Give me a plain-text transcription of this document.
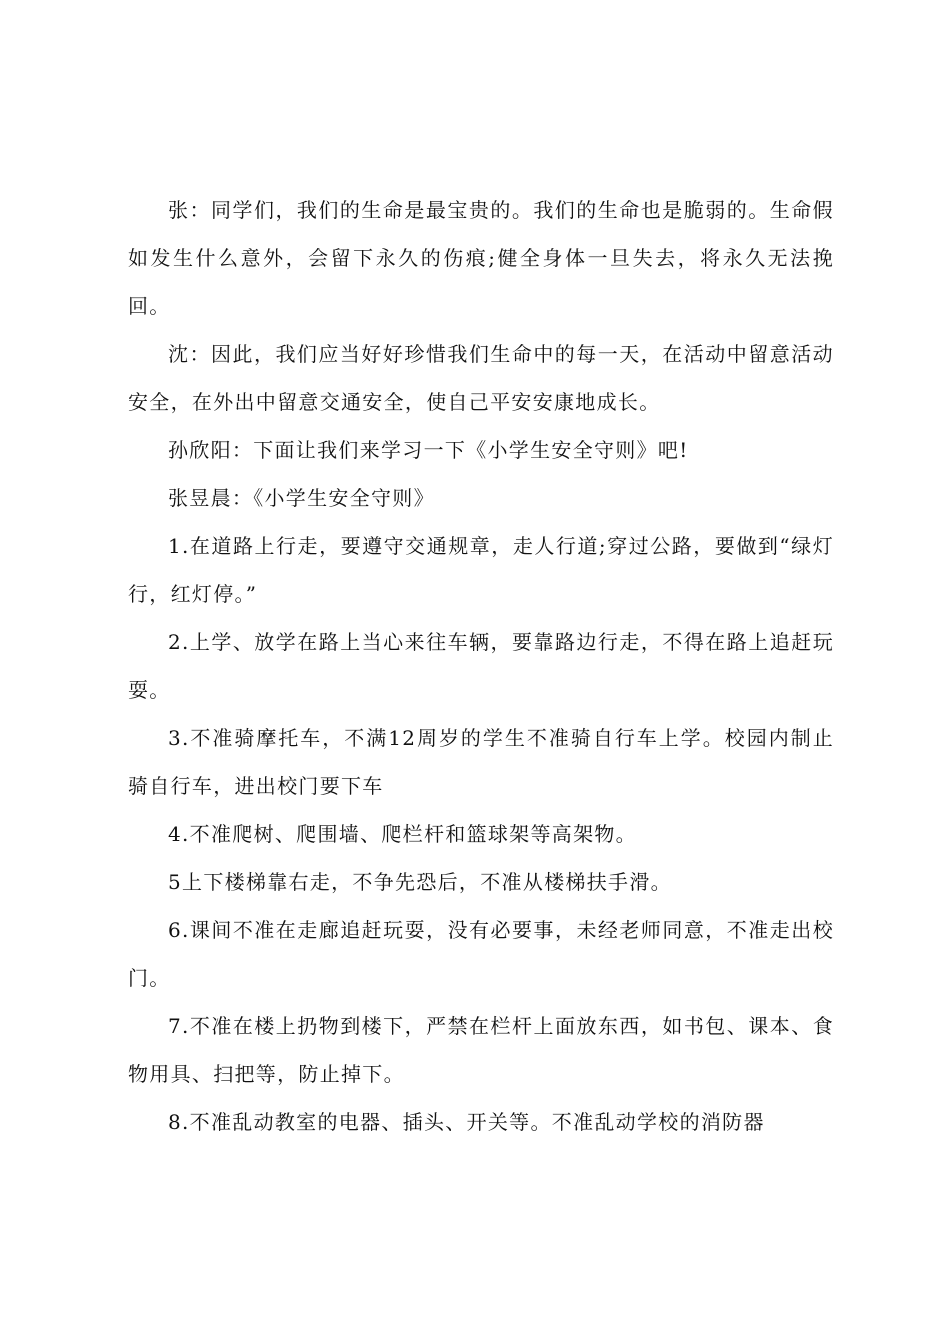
张：同学们，我们的生命是最宝贵的。我们的生命也是脆弱的。生命假如发生什么意外，会留下永久的伤痕;健全身体一旦失去，将永久无法挽回。

沈：因此，我们应当好好珍惜我们生命中的每一天，在活动中留意活动安全，在外出中留意交通安全，使自己平安安康地成长。

孙欣阳：下面让我们来学习一下《小学生安全守则》吧!

张昱晨：《小学生安全守则》

1.在道路上行走，要遵守交通规章，走人行道;穿过公路，要做到“绿灯行，红灯停。”

2.上学、放学在路上当心来往车辆，要靠路边行走，不得在路上追赶玩耍。

3.不准骑摩托车，不满12周岁的学生不准骑自行车上学。校园内制止骑自行车，进出校门要下车

4.不准爬树、爬围墙、爬栏杆和篮球架等高架物。

5上下楼梯靠右走，不争先恐后，不准从楼梯扶手滑。

6.课间不准在走廊追赶玩耍，没有必要事，未经老师同意，不准走出校门。

7.不准在楼上扔物到楼下，严禁在栏杆上面放东西，如书包、课本、食物用具、扫把等，防止掉下。

8.不准乱动教室的电器、插头、开关等。不准乱动学校的消防器
